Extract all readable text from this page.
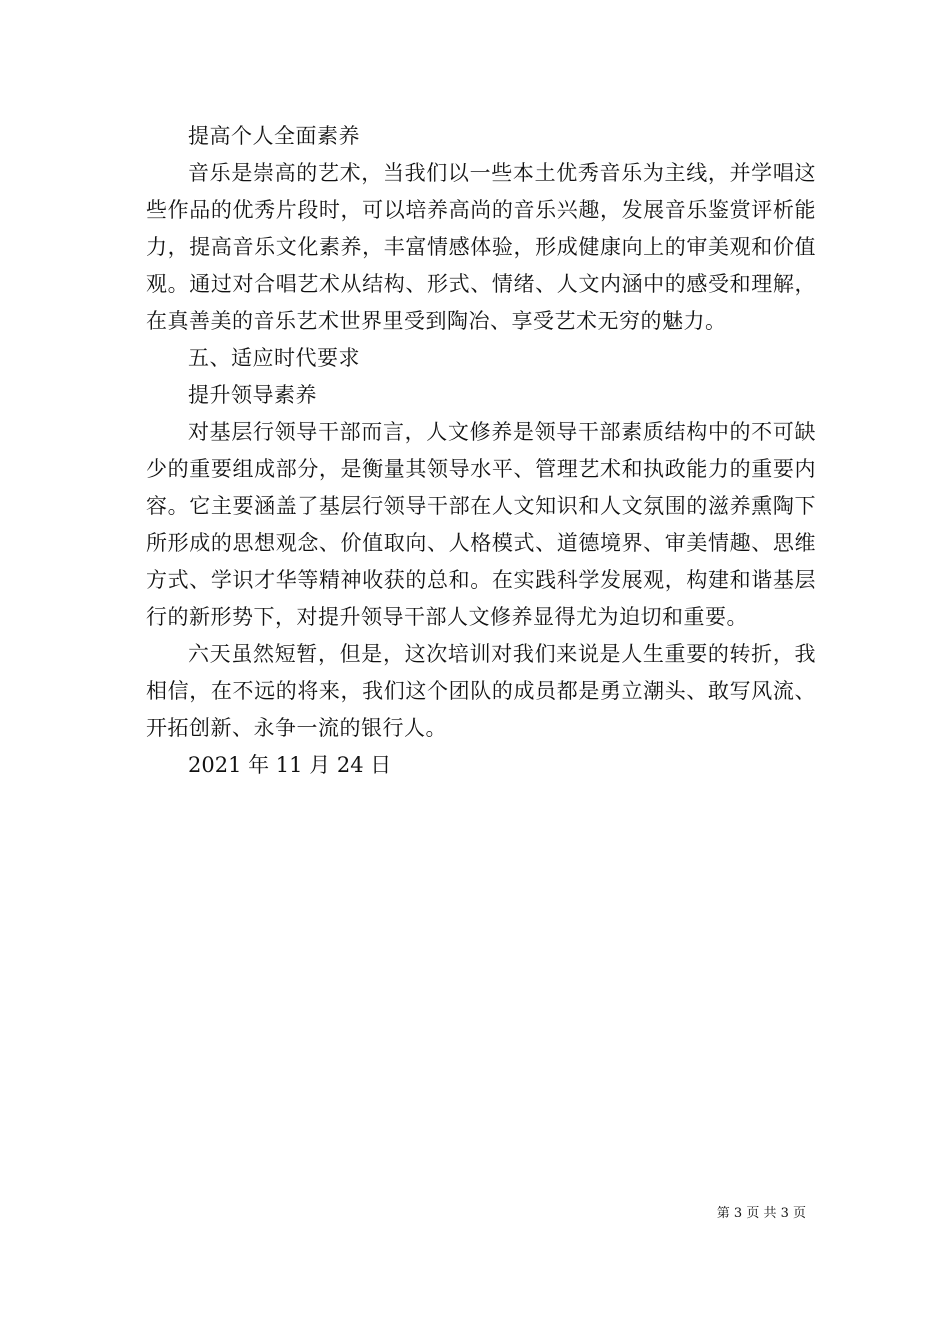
提高个人全面素养

音乐是崇高的艺术，当我们以一些本土优秀音乐为主线，并学唱这些作品的优秀片段时，可以培养高尚的音乐兴趣，发展音乐鉴赏评析能力，提高音乐文化素养，丰富情感体验，形成健康向上的审美观和价值观。通过对合唱艺术从结构、形式、情绪、人文内涵中的感受和理解，在真善美的音乐艺术世界里受到陶冶、享受艺术无穷的魅力。

五、适应时代要求

提升领导素养

对基层行领导干部而言，人文修养是领导干部素质结构中的不可缺少的重要组成部分，是衡量其领导水平、管理艺术和执政能力的重要内容。它主要涵盖了基层行领导干部在人文知识和人文氛围的滋养熏陶下所形成的思想观念、价值取向、人格模式、道德境界、审美情趣、思维方式、学识才华等精神收获的总和。在实践科学发展观，构建和谐基层行的新形势下，对提升领导干部人文修养显得尤为迫切和重要。

六天虽然短暂，但是，这次培训对我们来说是人生重要的转折，我相信，在不远的将来，我们这个团队的成员都是勇立潮头、敢写风流、开拓创新、永争一流的银行人。

2021 年 11 月 24 日

第 3 页 共 3 页
